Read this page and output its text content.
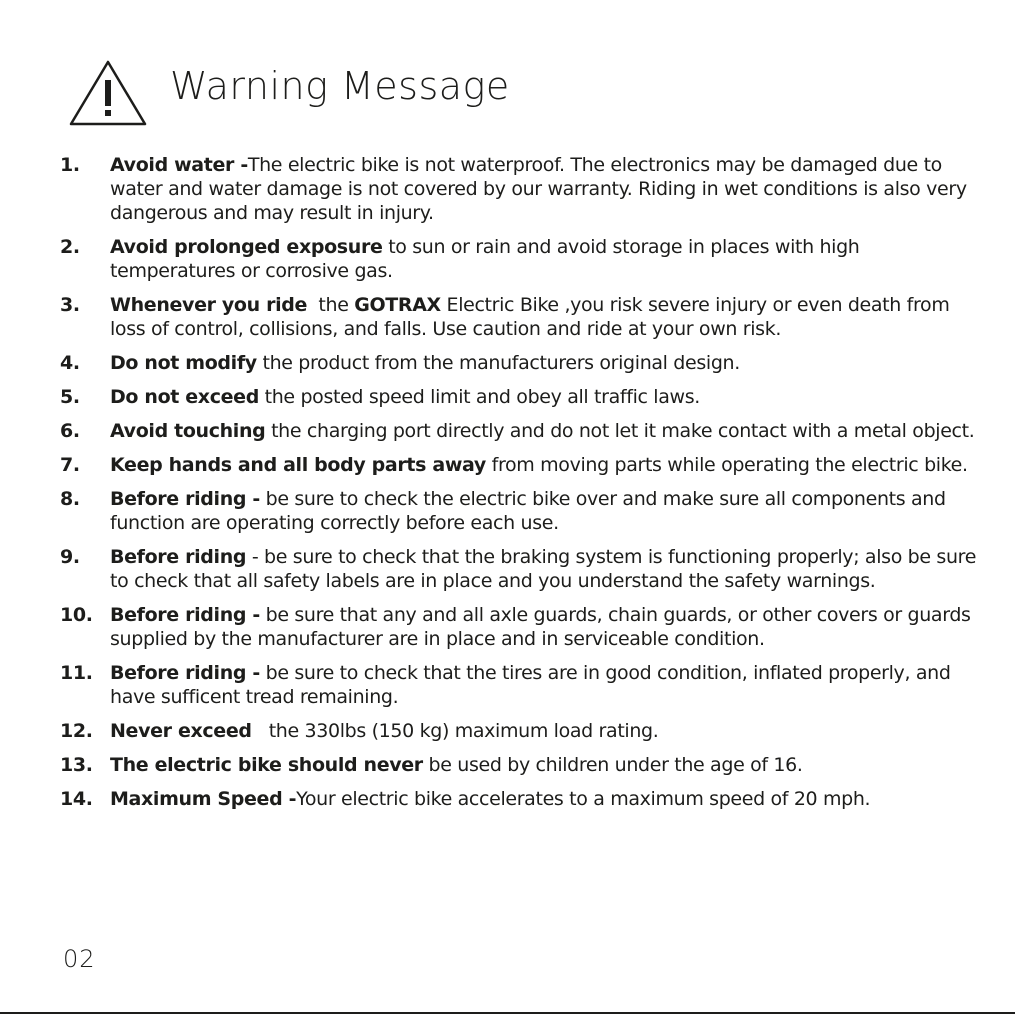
Warning Message
1.	Avoid water -The electric bike is not waterproof. The electronics may be damaged due to water and water damage is not covered by our warranty. Riding in wet conditions is also very dangerous and may result in injury.
2.	Avoid prolonged exposure to sun or rain and avoid storage in places with high temperatures or corrosive gas.
3.	Whenever you ride  the GOTRAX Electric Bike ,you risk severe injury or even death from loss of control, collisions, and falls. Use caution and ride at your own risk.
4.	Do not modify the product from the manufacturers original design.
5.	Do not exceed the posted speed limit and obey all traffic laws.
6.	Avoid touching the charging port directly and do not let it make contact with a metal object.
7.	Keep hands and all body parts away from moving parts while operating the electric bike.
8.	Before riding - be sure to check the electric bike over and make sure all components and function are operating correctly before each use.
9.	Before riding - be sure to check that the braking system is functioning properly; also be sure to check that all safety labels are in place and you understand the safety warnings.
10. Before riding - be sure that any and all axle guards, chain guards, or other covers or guards supplied by the manufacturer are in place and in serviceable condition.
11. Before riding - be sure to check that the tires are in good condition, inflated properly, and have sufficent tread remaining.
12. Never exceed   the 330lbs (150 kg) maximum load rating.
13. The electric bike should never be used by children under the age of 16.
14. Maximum Speed -Your electric bike accelerates to a maximum speed of 20 mph.
02
